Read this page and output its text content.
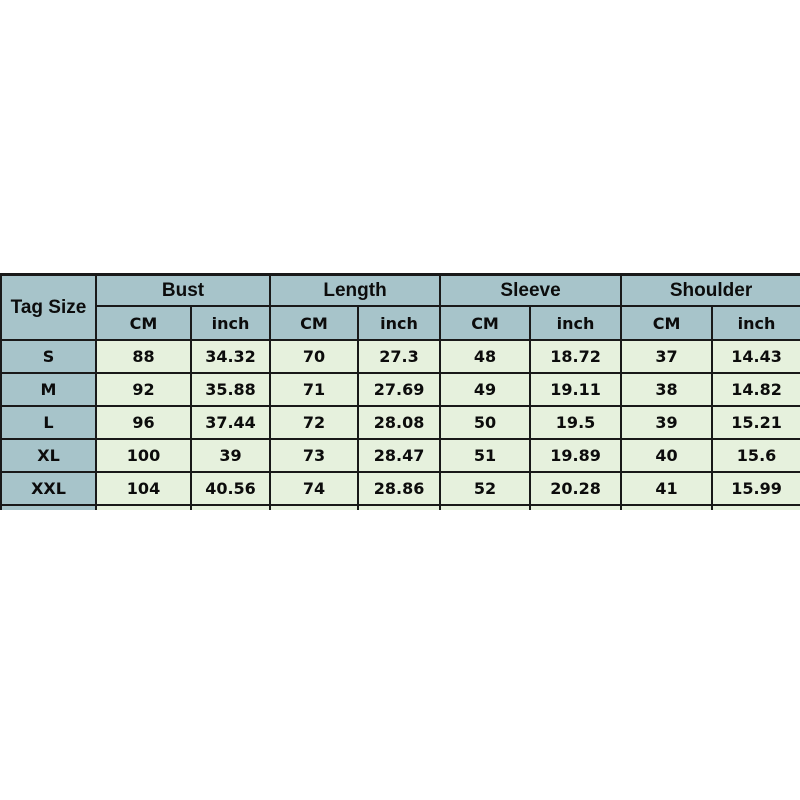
Tag Size	Bust		Length		Sleeve		Shoulder	
	CM	inch	CM	inch	CM	inch	CM	inch
S	88	34.32	70	27.3	48	18.72	37	14.43
M	92	35.88	71	27.69	49	19.11	38	14.82
L	96	37.44	72	28.08	50	19.5	39	15.21
XL	100	39	73	28.47	51	19.89	40	15.6
XXL	104	40.56	74	28.86	52	20.28	41	15.99
